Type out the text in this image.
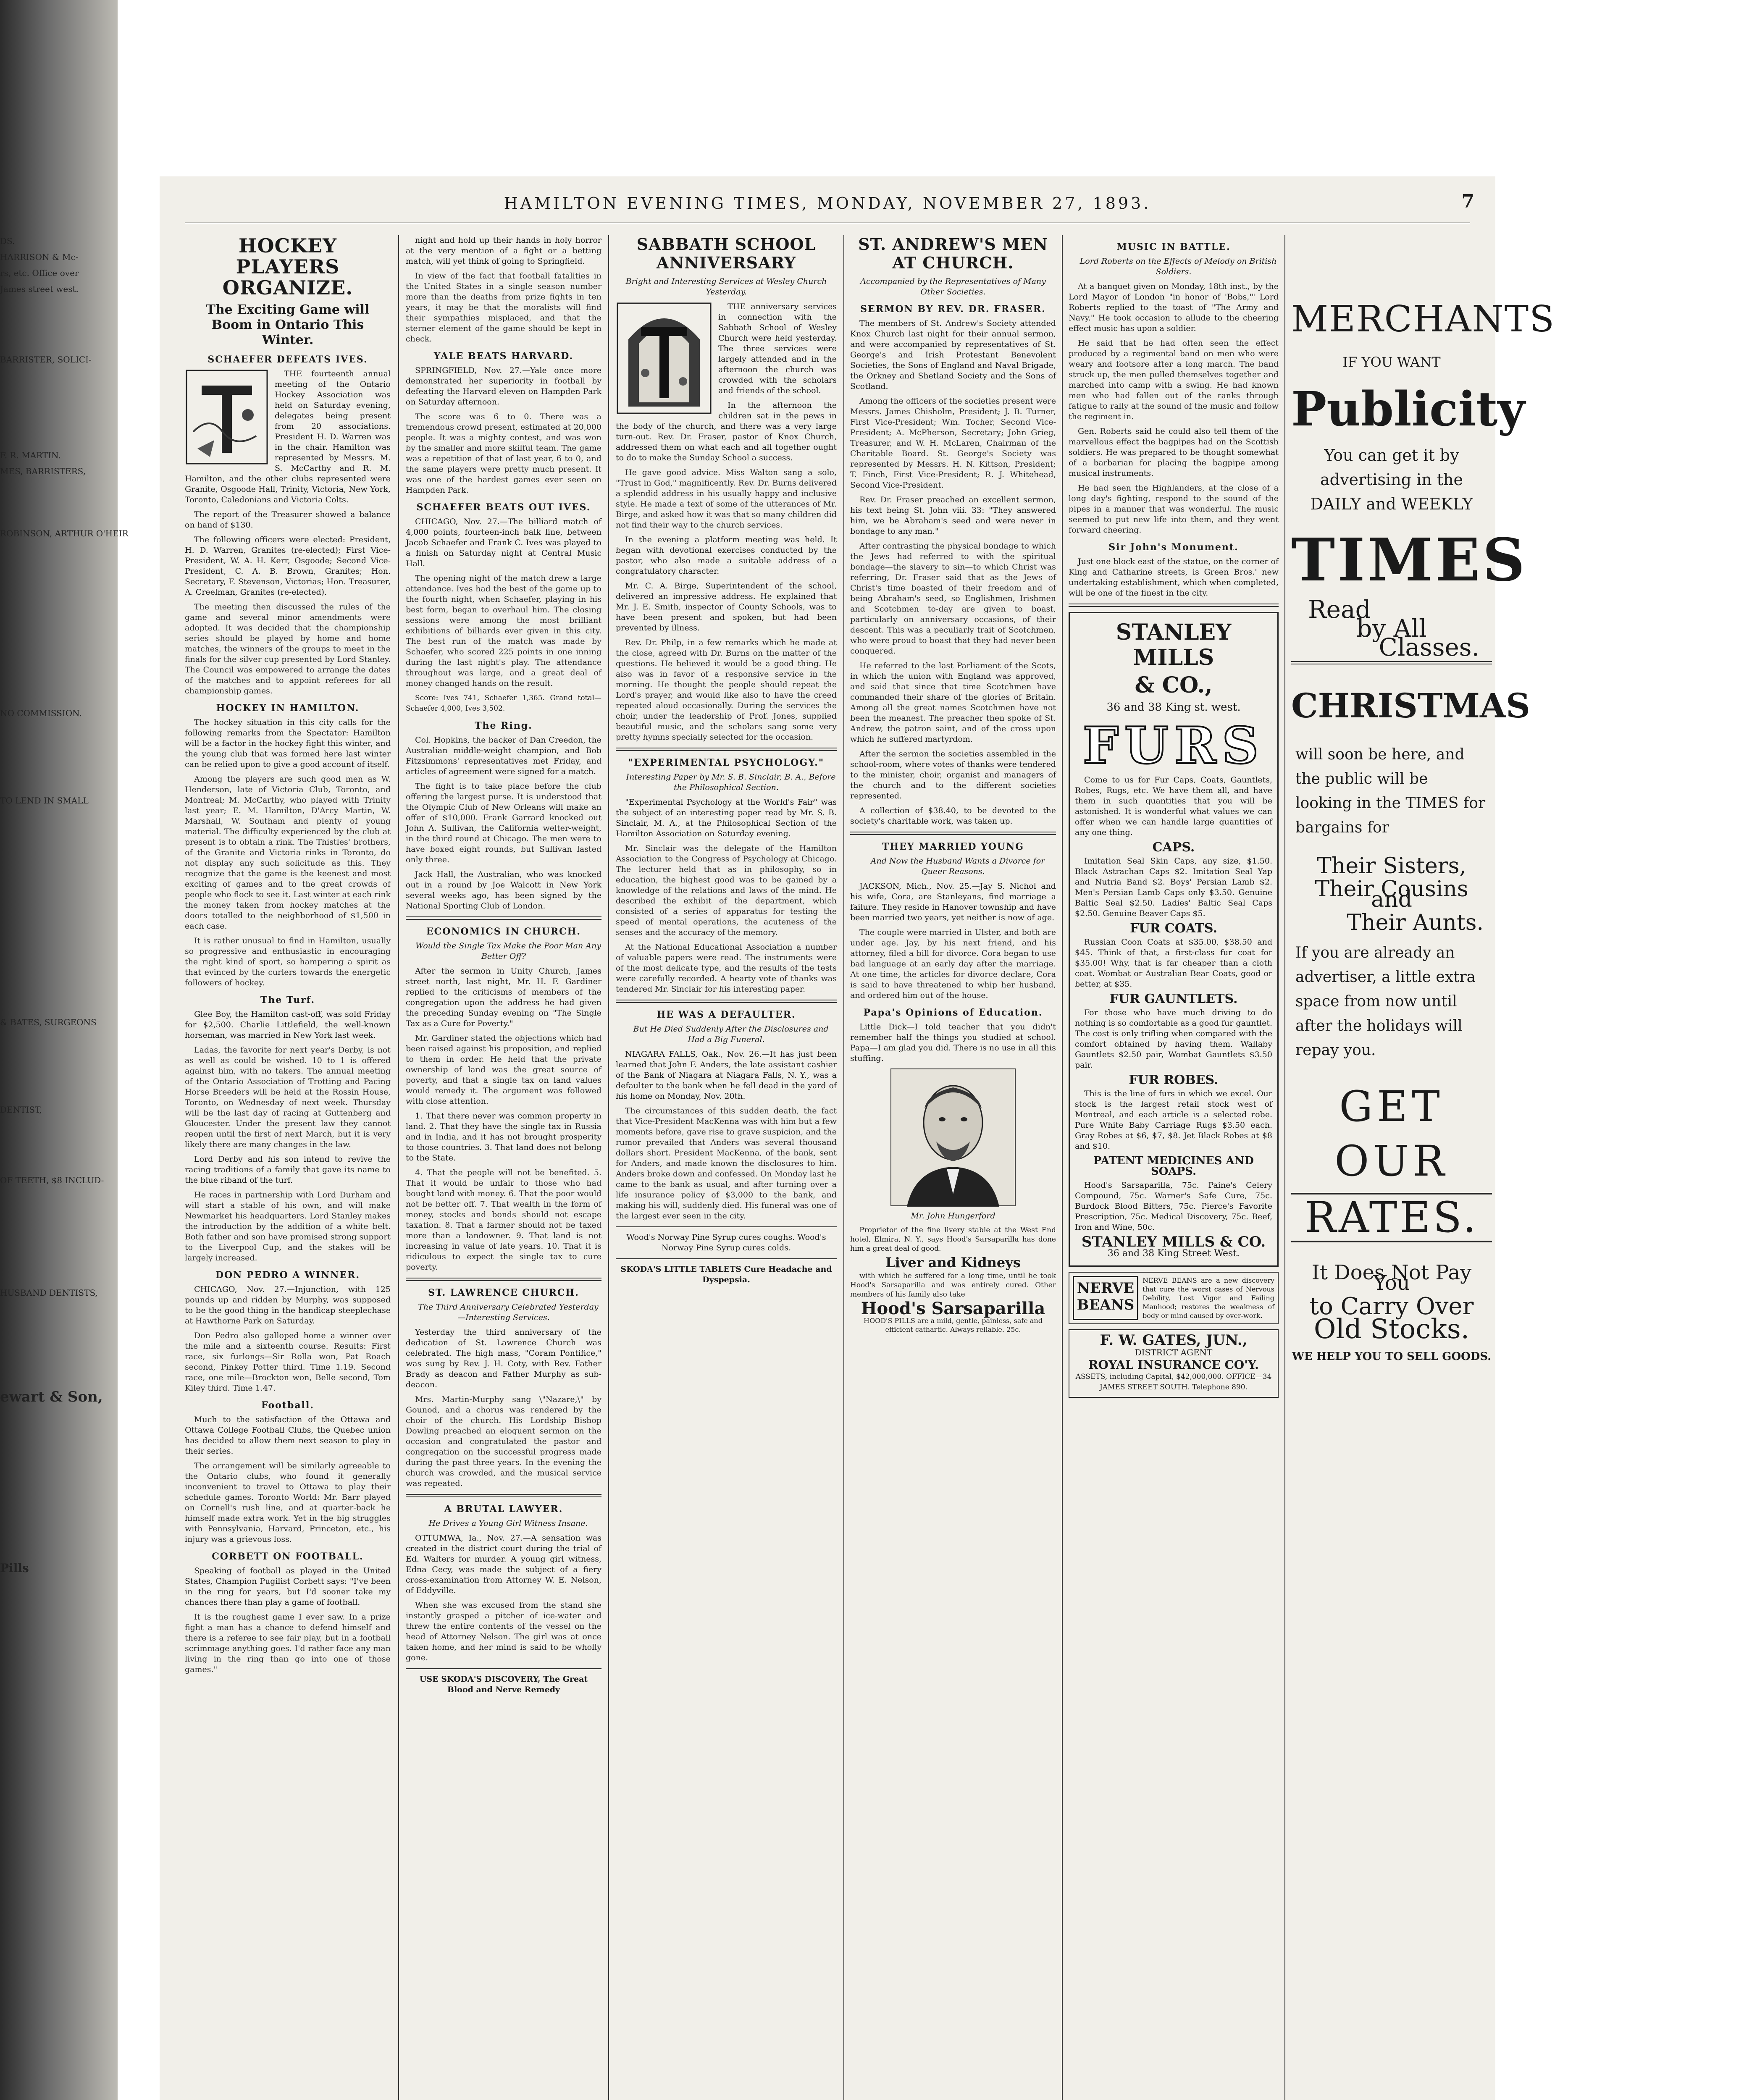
DS.

HARRISON & Mc-

rs, etc. Office over

James street west.

BARRISTER, SOLICI-

F. R. MARTIN.

MES, BARRISTERS,

ROBINSON, ARTHUR O'HEIR

NO COMMISSION.

TO LEND IN SMALL

& BATES, SURGEONS

DENTIST,

OF TEETH, $8 INCLUD-

HUSBAND DENTISTS,

ewart & Son,

Pills

HAMILTON EVENING TIMES, MONDAY, NOVEMBER 27, 1893.	7
HOCKEY PLAYERS ORGANIZE.
The Exciting Game will Boom in Ontario This Winter.
SCHAEFER DEFEATS IVES.

THE fourteenth annual meeting of the Ontario Hockey Association was held on Saturday evening, delegates being present from 20 associations. President H. D. Warren was in the chair. Hamilton was represented by Messrs. M. S. McCarthy and R. M. Hamilton, and the other clubs represented were Granite, Osgoode Hall, Trinity, Victoria, New York, Toronto, Caledonians and Victoria Colts.

The report of the Treasurer showed a balance on hand of $130.

The following officers were elected: President, H. D. Warren, Granites (re-elected); First Vice-President, W. A. H. Kerr, Osgoode; Second Vice-President, C. A. B. Brown, Granites; Hon. Secretary, F. Stevenson, Victorias; Hon. Treasurer, A. Creelman, Granites (re-elected).

The meeting then discussed the rules of the game and several minor amendments were adopted. It was decided that the championship series should be played by home and home matches, the winners of the groups to meet in the finals for the silver cup presented by Lord Stanley. The Council was empowered to arrange the dates of the matches and to appoint referees for all championship games.

HOCKEY IN HAMILTON.

The hockey situation in this city calls for the following remarks from the Spectator: Hamilton will be a factor in the hockey fight this winter, and the young club that was formed here last winter can be relied upon to give a good account of itself.

Among the players are such good men as W. Henderson, late of Victoria Club, Toronto, and Montreal; M. McCarthy, who played with Trinity last year; E. M. Hamilton, D'Arcy Martin, W. Marshall, W. Southam and plenty of young material. The difficulty experienced by the club at present is to obtain a rink. The Thistles' brothers, of the Granite and Victoria rinks in Toronto, do not display any such solicitude as this. They recognize that the game is the keenest and most exciting of games and to the great crowds of people who flock to see it. Last winter at each rink the money taken from hockey matches at the doors totalled to the neighborhood of $1,500 in each case.

It is rather unusual to find in Hamilton, usually so progressive and enthusiastic in encouraging the right kind of sport, so hampering a spirit as that evinced by the curlers towards the energetic followers of hockey.

The Turf.

Glee Boy, the Hamilton cast-off, was sold Friday for $2,500. Charlie Littlefield, the well-known horseman, was married in New York last week.

Ladas, the favorite for next year's Derby, is not as well as could be wished. 10 to 1 is offered against him, with no takers. The annual meeting of the Ontario Association of Trotting and Pacing Horse Breeders will be held at the Rossin House, Toronto, on Wednesday of next week. Thursday will be the last day of racing at Guttenberg and Gloucester. Under the present law they cannot reopen until the first of next March, but it is very likely there are many changes in the law.

Lord Derby and his son intend to revive the racing traditions of a family that gave its name to the blue riband of the turf.

He races in partnership with Lord Durham and will start a stable of his own, and will make Newmarket his headquarters. Lord Stanley makes the introduction by the addition of a white belt. Both father and son have promised strong support to the Liverpool Cup, and the stakes will be largely increased.

DON PEDRO A WINNER.

CHICAGO, Nov. 27.—Injunction, with 125 pounds up and ridden by Murphy, was supposed to be the good thing in the handicap steeplechase at Hawthorne Park on Saturday.

Don Pedro also galloped home a winner over the mile and a sixteenth course. Results: First race, six furlongs—Sir Rolla won, Pat Roach second, Pinkey Potter third. Time 1.19. Second race, one mile—Brockton won, Belle second, Tom Kiley third. Time 1.47.

Football.

Much to the satisfaction of the Ottawa and Ottawa College Football Clubs, the Quebec union has decided to allow them next season to play in their series.

The arrangement will be similarly agreeable to the Ontario clubs, who found it generally inconvenient to travel to Ottawa to play their schedule games. Toronto World: Mr. Barr played on Cornell's rush line, and at quarter-back he himself made extra work. Yet in the big struggles with Pennsylvania, Harvard, Princeton, etc., his injury was a grievous loss.

CORBETT ON FOOTBALL.

Speaking of football as played in the United States, Champion Pugilist Corbett says: "I've been in the ring for years, but I'd sooner take my chances there than play a game of football.

It is the roughest game I ever saw. In a prize fight a man has a chance to defend himself and there is a referee to see fair play, but in a football scrimmage anything goes. I'd rather face any man living in the ring than go into one of those games."

night and hold up their hands in holy horror at the very mention of a fight or a betting match, will yet think of going to Springfield.

In view of the fact that football fatalities in the United States in a single season number more than the deaths from prize fights in ten years, it may be that the moralists will find their sympathies misplaced, and that the sterner element of the game should be kept in check.

YALE BEATS HARVARD.

SPRINGFIELD, Nov. 27.—Yale once more demonstrated her superiority in football by defeating the Harvard eleven on Hampden Park on Saturday afternoon.

The score was 6 to 0. There was a tremendous crowd present, estimated at 20,000 people. It was a mighty contest, and was won by the smaller and more skilful team. The game was a repetition of that of last year, 6 to 0, and the same players were pretty much present. It was one of the hardest games ever seen on Hampden Park.

SCHAEFER BEATS OUT IVES.

CHICAGO, Nov. 27.—The billiard match of 4,000 points, fourteen-inch balk line, between Jacob Schaefer and Frank C. Ives was played to a finish on Saturday night at Central Music Hall.

The opening night of the match drew a large attendance. Ives had the best of the game up to the fourth night, when Schaefer, playing in his best form, began to overhaul him. The closing sessions were among the most brilliant exhibitions of billiards ever given in this city. The best run of the match was made by Schaefer, who scored 225 points in one inning during the last night's play. The attendance throughout was large, and a great deal of money changed hands on the result.

Score: Ives 741, Schaefer 1,365. Grand total—Schaefer 4,000, Ives 3,502.

The Ring.

Col. Hopkins, the backer of Dan Creedon, the Australian middle-weight champion, and Bob Fitzsimmons' representatives met Friday, and articles of agreement were signed for a match.

The fight is to take place before the club offering the largest purse. It is understood that the Olympic Club of New Orleans will make an offer of $10,000. Frank Garrard knocked out John A. Sullivan, the California welter-weight, in the third round at Chicago. The men were to have boxed eight rounds, but Sullivan lasted only three.

Jack Hall, the Australian, who was knocked out in a round by Joe Walcott in New York several weeks ago, has been signed by the National Sporting Club of London.

ECONOMICS IN CHURCH.

Would the Single Tax Make the Poor Man Any Better Off?

After the sermon in Unity Church, James street north, last night, Mr. H. F. Gardiner replied to the criticisms of members of the congregation upon the address he had given the preceding Sunday evening on "The Single Tax as a Cure for Poverty."

Mr. Gardiner stated the objections which had been raised against his proposition, and replied to them in order. He held that the private ownership of land was the great source of poverty, and that a single tax on land values would remedy it. The argument was followed with close attention.

1. That there never was common property in land. 2. That they have the single tax in Russia and in India, and it has not brought prosperity to those countries. 3. That land does not belong to the State.

4. That the people will not be benefited. 5. That it would be unfair to those who had bought land with money. 6. That the poor would not be better off. 7. That wealth in the form of money, stocks and bonds should not escape taxation. 8. That a farmer should not be taxed more than a landowner. 9. That land is not increasing in value of late years. 10. That it is ridiculous to expect the single tax to cure poverty.

ST. LAWRENCE CHURCH.

The Third Anniversary Celebrated Yesterday—Interesting Services.

Yesterday the third anniversary of the dedication of St. Lawrence Church was celebrated. The high mass, "Coram Pontifice," was sung by Rev. J. H. Coty, with Rev. Father Brady as deacon and Father Murphy as sub-deacon.

Mrs. Martin-Murphy sang \"Nazare,\" by Gounod, and a chorus was rendered by the choir of the church. His Lordship Bishop Dowling preached an eloquent sermon on the occasion and congratulated the pastor and congregation on the successful progress made during the past three years. In the evening the church was crowded, and the musical service was repeated.

A BRUTAL LAWYER.

He Drives a Young Girl Witness Insane.

OTTUMWA, Ia., Nov. 27.—A sensation was created in the district court during the trial of Ed. Walters for murder. A young girl witness, Edna Cecy, was made the subject of a fiery cross-examination from Attorney W. E. Nelson, of Eddyville.

When she was excused from the stand she instantly grasped a pitcher of ice-water and threw the entire contents of the vessel on the head of Attorney Nelson. The girl was at once taken home, and her mind is said to be wholly gone.

USE SKODA'S DISCOVERY, The Great Blood and Nerve Remedy

SABBATH SCHOOL ANNIVERSARY

Bright and Interesting Services at Wesley Church Yesterday.

THE anniversary services in connection with the Sabbath School of Wesley Church were held yesterday. The three services were largely attended and in the afternoon the church was crowded with the scholars and friends of the school.

In the afternoon the children sat in the pews in the body of the church, and there was a very large turn-out. Rev. Dr. Fraser, pastor of Knox Church, addressed them on what each and all together ought to do to make the Sunday School a success.

He gave good advice. Miss Walton sang a solo, "Trust in God," magnificently. Rev. Dr. Burns delivered a splendid address in his usually happy and inclusive style. He made a text of some of the utterances of Mr. Birge, and asked how it was that so many children did not find their way to the church services.

In the evening a platform meeting was held. It began with devotional exercises conducted by the pastor, who also made a suitable address of a congratulatory character.

Mr. C. A. Birge, Superintendent of the school, delivered an impressive address. He explained that Mr. J. E. Smith, inspector of County Schools, was to have been present and spoken, but had been prevented by illness.

Rev. Dr. Philp, in a few remarks which he made at the close, agreed with Dr. Burns on the matter of the questions. He believed it would be a good thing. He also was in favor of a responsive service in the morning. He thought the people should repeat the Lord's prayer, and would like also to have the creed repeated aloud occasionally. During the services the choir, under the leadership of Prof. Jones, supplied beautiful music, and the scholars sang some very pretty hymns specially selected for the occasion.

"EXPERIMENTAL PSYCHOLOGY."

Interesting Paper by Mr. S. B. Sinclair, B. A., Before the Philosophical Section.

"Experimental Psychology at the World's Fair" was the subject of an interesting paper read by Mr. S. B. Sinclair, M. A., at the Philosophical Section of the Hamilton Association on Saturday evening.

Mr. Sinclair was the delegate of the Hamilton Association to the Congress of Psychology at Chicago. The lecturer held that as in philosophy, so in education, the highest good was to be gained by a knowledge of the relations and laws of the mind. He described the exhibit of the department, which consisted of a series of apparatus for testing the speed of mental operations, the acuteness of the senses and the accuracy of the memory.

At the National Educational Association a number of valuable papers were read. The instruments were of the most delicate type, and the results of the tests were carefully recorded. A hearty vote of thanks was tendered Mr. Sinclair for his interesting paper.

HE WAS A DEFAULTER.

But He Died Suddenly After the Disclosures and Had a Big Funeral.

NIAGARA FALLS, Oak., Nov. 26.—It has just been learned that John F. Anders, the late assistant cashier of the Bank of Niagara at Niagara Falls, N. Y., was a defaulter to the bank when he fell dead in the yard of his home on Monday, Nov. 20th.

The circumstances of this sudden death, the fact that Vice-President MacKenna was with him but a few moments before, gave rise to grave suspicion, and the rumor prevailed that Anders was several thousand dollars short. President MacKenna, of the bank, sent for Anders, and made known the disclosures to him. Anders broke down and confessed. On Monday last he came to the bank as usual, and after turning over a life insurance policy of $3,000 to the bank, and making his will, suddenly died. His funeral was one of the largest ever seen in the city.

Wood's Norway Pine Syrup cures coughs. Wood's Norway Pine Syrup cures colds.

SKODA'S LITTLE TABLETS Cure Headache and Dyspepsia.

ST. ANDREW'S MEN AT CHURCH.

Accompanied by the Representatives of Many Other Societies.

SERMON BY REV. DR. FRASER.

The members of St. Andrew's Society attended Knox Church last night for their annual sermon, and were accompanied by representatives of St. George's and Irish Protestant Benevolent Societies, the Sons of England and Naval Brigade, the Orkney and Shetland Society and the Sons of Scotland.

Among the officers of the societies present were Messrs. James Chisholm, President; J. B. Turner, First Vice-President; Wm. Tocher, Second Vice-President; A. McPherson, Secretary; John Grieg, Treasurer, and W. H. McLaren, Chairman of the Charitable Board. St. George's Society was represented by Messrs. H. N. Kittson, President; T. Finch, First Vice-President; R. J. Whitehead, Second Vice-President.

Rev. Dr. Fraser preached an excellent sermon, his text being St. John viii. 33: "They answered him, we be Abraham's seed and were never in bondage to any man."

After contrasting the physical bondage to which the Jews had referred to with the spiritual bondage—the slavery to sin—to which Christ was referring, Dr. Fraser said that as the Jews of Christ's time boasted of their freedom and of being Abraham's seed, so Englishmen, Irishmen and Scotchmen to-day are given to boast, particularly on anniversary occasions, of their descent. This was a peculiarly trait of Scotchmen, who were proud to boast that they had never been conquered.

He referred to the last Parliament of the Scots, in which the union with England was approved, and said that since that time Scotchmen have commanded their share of the glories of Britain. Among all the great names Scotchmen have not been the meanest. The preacher then spoke of St. Andrew, the patron saint, and of the cross upon which he suffered martyrdom.

After the sermon the societies assembled in the school-room, where votes of thanks were tendered to the minister, choir, organist and managers of the church and to the different societies represented.

A collection of $38.40, to be devoted to the society's charitable work, was taken up.

THEY MARRIED YOUNG

And Now the Husband Wants a Divorce for Queer Reasons.

JACKSON, Mich., Nov. 25.—Jay S. Nichol and his wife, Cora, are Stanleyans, find marriage a failure. They reside in Hanover township and have been married two years, yet neither is now of age.

The couple were married in Ulster, and both are under age. Jay, by his next friend, and his attorney, filed a bill for divorce. Cora began to use bad language at an early day after the marriage. At one time, the articles for divorce declare, Cora is said to have threatened to whip her husband, and ordered him out of the house.

Papa's Opinions of Education.

Little Dick—I told teacher that you didn't remember half the things you studied at school. Papa—I am glad you did. There is no use in all this stuffing.

Mr. John Hungerford

Proprietor of the fine livery stable at the West End hotel, Elmira, N. Y., says Hood's Sarsaparilla has done him a great deal of good.

Liver and Kidneys

with which he suffered for a long time, until he took Hood's Sarsaparilla and was entirely cured. Other members of his family also take

Hood's Sarsaparilla

HOOD'S PILLS are a mild, gentle, painless, safe and efficient cathartic. Always reliable. 25c.

MUSIC IN BATTLE.

Lord Roberts on the Effects of Melody on British Soldiers.

At a banquet given on Monday, 18th inst., by the Lord Mayor of London "in honor of 'Bobs,'" Lord Roberts replied to the toast of "The Army and Navy." He took occasion to allude to the cheering effect music has upon a soldier.

He said that he had often seen the effect produced by a regimental band on men who were weary and footsore after a long march. The band struck up, the men pulled themselves together and marched into camp with a swing. He had known men who had fallen out of the ranks through fatigue to rally at the sound of the music and follow the regiment in.

Gen. Roberts said he could also tell them of the marvellous effect the bagpipes had on the Scottish soldiers. He was prepared to be thought somewhat of a barbarian for placing the bagpipe among musical instruments.

He had seen the Highlanders, at the close of a long day's fighting, respond to the sound of the pipes in a manner that was wonderful. The music seemed to put new life into them, and they went forward cheering.

Sir John's Monument.

Just one block east of the statue, on the corner of King and Catharine streets, is Green Bros.' new undertaking establishment, which when completed, will be one of the finest in the city.

STANLEY MILLS

& CO.,

36 and 38 King st. west.

FURS

Come to us for Fur Caps, Coats, Gauntlets, Robes, Rugs, etc. We have them all, and have them in such quantities that you will be astonished. It is wonderful what values we can offer when we can handle large quantities of any one thing.

CAPS.

Imitation Seal Skin Caps, any size, $1.50. Black Astrachan Caps $2. Imitation Seal Yap and Nutria Band $2. Boys' Persian Lamb $2. Men's Persian Lamb Caps only $3.50. Genuine Baltic Seal $2.50. Ladies' Baltic Seal Caps $2.50. Genuine Beaver Caps $5.

FUR COATS.

Russian Coon Coats at $35.00, $38.50 and $45. Think of that, a first-class fur coat for $35.00! Why, that is far cheaper than a cloth coat. Wombat or Australian Bear Coats, good or better, at $35.

FUR GAUNTLETS.

For those who have much driving to do nothing is so comfortable as a good fur gauntlet. The cost is only trifling when compared with the comfort obtained by having them. Wallaby Gauntlets $2.50 pair, Wombat Gauntlets $3.50 pair.

FUR ROBES.

This is the line of furs in which we excel. Our stock is the largest retail stock west of Montreal, and each article is a selected robe. Pure White Baby Carriage Rugs $3.50 each. Gray Robes at $6, $7, $8. Jet Black Robes at $8 and $10.

PATENT MEDICINES AND SOAPS.

Hood's Sarsaparilla, 75c. Paine's Celery Compound, 75c. Warner's Safe Cure, 75c. Burdock Blood Bitters, 75c. Pierce's Favorite Prescription, 75c. Medical Discovery, 75c. Beef, Iron and Wine, 50c.

STANLEY MILLS & CO.

36 and 38 King Street West.

NERVE BEANS

NERVE BEANS are a new discovery that cure the worst cases of Nervous Debility, Lost Vigor and Failing Manhood; restores the weakness of body or mind caused by over-work.

F. W. GATES, JUN.,

DISTRICT AGENT

ROYAL INSURANCE CO'Y.

ASSETS, including Capital, $42,000,000. OFFICE—34 JAMES STREET SOUTH. Telephone 890.

MERCHANTS

IF YOU WANT

Publicity

You can get it by advertising in the DAILY and WEEKLY

TIMES

Read

by All

Classes.

CHRISTMAS

will soon be here, and the public will be looking in the TIMES for bargains for

Their Sisters,

Their Cousins and

Their Aunts.

If you are already an advertiser, a little extra space from now until after the holidays will repay you.

GET

OUR

RATES.

It Does Not Pay You

to Carry Over

Old Stocks.

WE HELP YOU TO SELL GOODS.
